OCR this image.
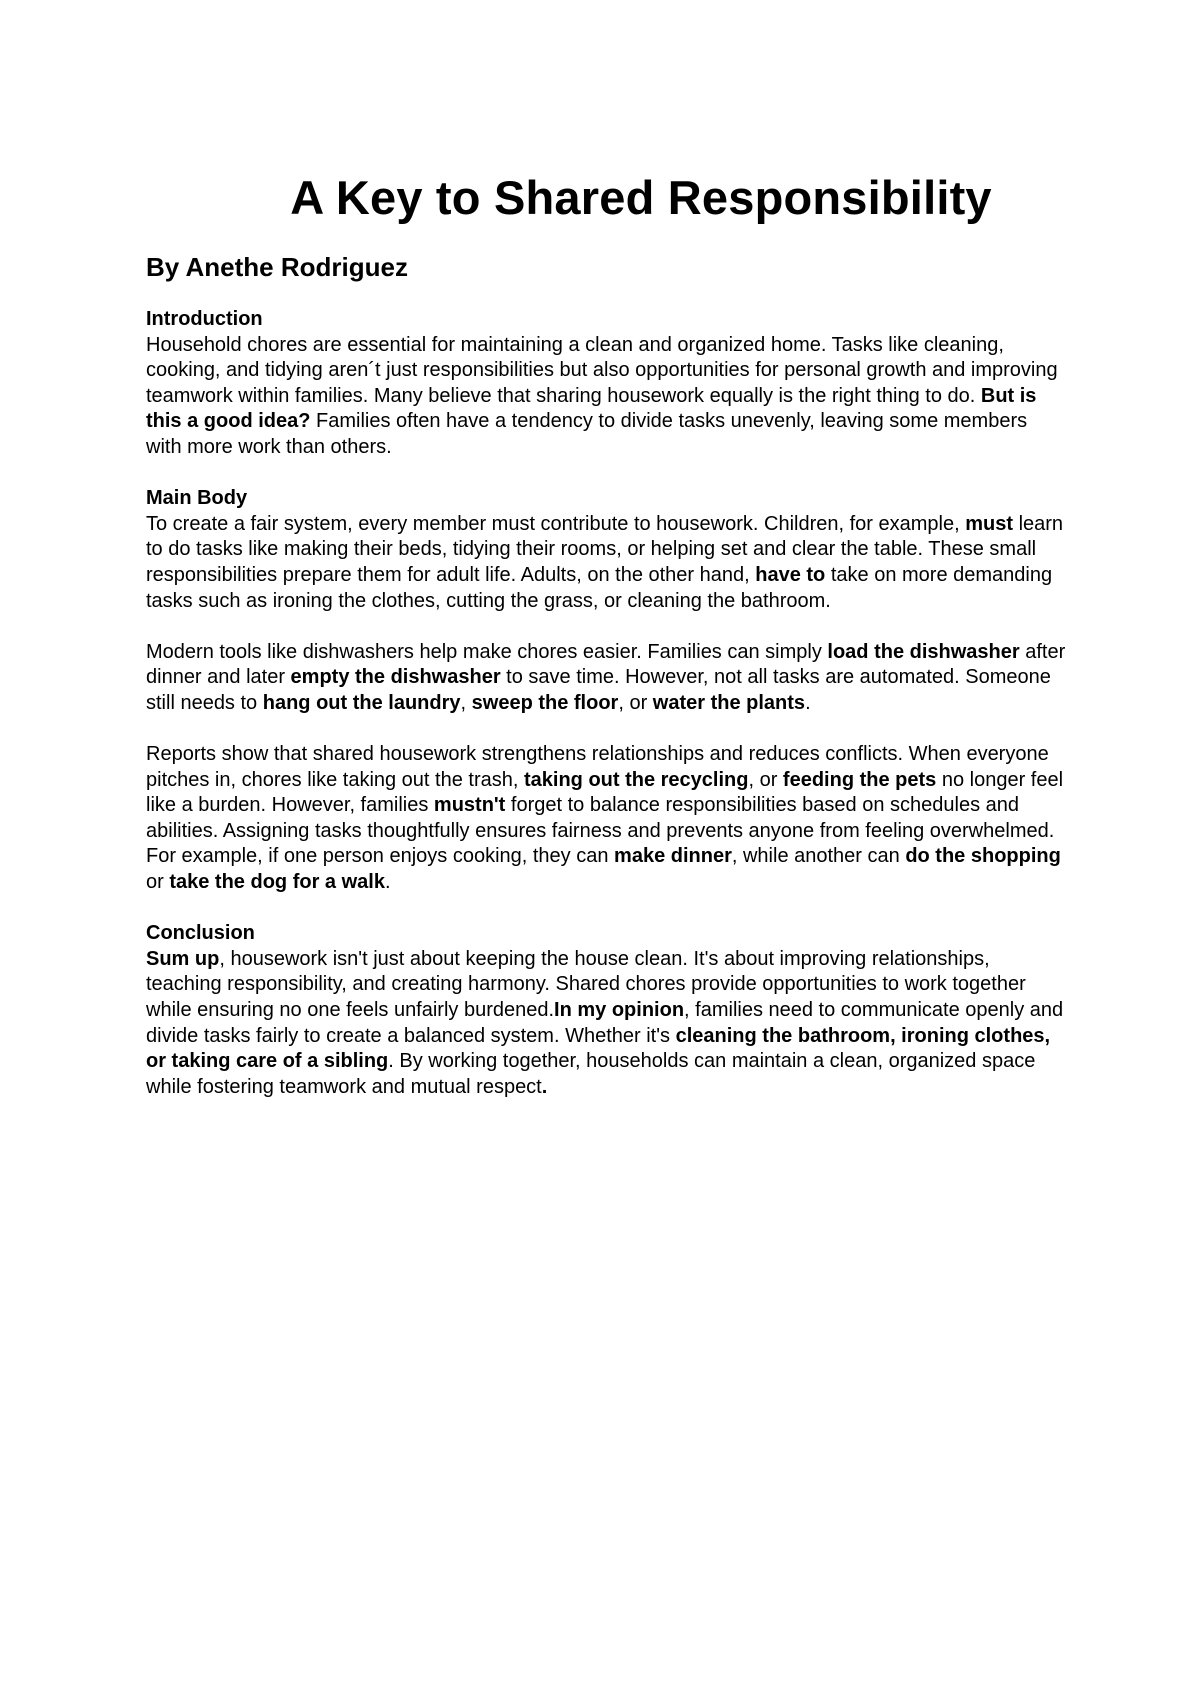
A Key to Shared Responsibility
By Anethe Rodriguez
Introduction

Household chores are essential for maintaining a clean and organized home. Tasks like cleaning, cooking, and tidying aren´t just responsibilities but also opportunities for personal growth and improving teamwork within families. Many believe that sharing housework equally is the right thing to do. But is this a good idea? Families often have a tendency to divide tasks unevenly, leaving some members with more work than others.

Main Body

To create a fair system, every member must contribute to housework. Children, for example, must learn to do tasks like making their beds, tidying their rooms, or helping set and clear the table. These small responsibilities prepare them for adult life. Adults, on the other hand, have to take on more demanding tasks such as ironing the clothes, cutting the grass, or cleaning the bathroom.

Modern tools like dishwashers help make chores easier. Families can simply load the dishwasher after dinner and later empty the dishwasher to save time. However, not all tasks are automated. Someone still needs to hang out the laundry, sweep the floor, or water the plants.

Reports show that shared housework strengthens relationships and reduces conflicts. When everyone pitches in, chores like taking out the trash, taking out the recycling, or feeding the pets no longer feel like a burden. However, families mustn't forget to balance responsibilities based on schedules and abilities. Assigning tasks thoughtfully ensures fairness and prevents anyone from feeling overwhelmed. For example, if one person enjoys cooking, they can make dinner, while another can do the shopping or take the dog for a walk.

Conclusion

Sum up, housework isn't just about keeping the house clean. It's about improving relationships, teaching responsibility, and creating harmony. Shared chores provide opportunities to work together while ensuring no one feels unfairly burdened.In my opinion, families need to communicate openly and divide tasks fairly to create a balanced system. Whether it's cleaning the bathroom, ironing clothes, or taking care of a sibling. By working together, households can maintain a clean, organized space while fostering teamwork and mutual respect.
